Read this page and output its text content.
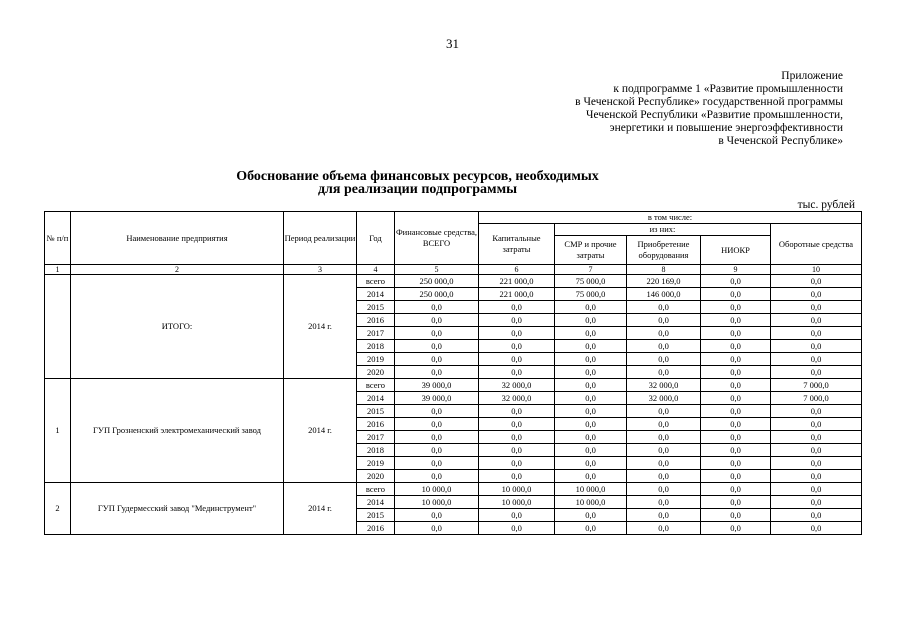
31
Приложение
к подпрограмме 1 «Развитие промышленности
в Чеченской Республике» государственной программы
Чеченской Республики «Развитие промышленности,
энергетики и повышение энергоэффективности
в Чеченской Республике»
Обоснование объема финансовых ресурсов, необходимых
для реализации подпрограммы
тыс. рублей
№ п/п	Наименование предприятия	Период реализации	Год	Финансовые средства, ВСЕГО	в том числе:				
					Капитальные затраты	из них:			Оборотные средства
						СМР и прочие затраты	Приобретение оборудования	НИОКР	
1	2	3	4	5	6	7	8	9	10
	ИТОГО:	2014 г.	всего	250 000,0	221 000,0	75 000,0	220 169,0	0,0	0,0
			2014	250 000,0	221 000,0	75 000,0	146 000,0	0,0	0,0
			2015	0,0	0,0	0,0	0,0	0,0	0,0
			2016	0,0	0,0	0,0	0,0	0,0	0,0
			2017	0,0	0,0	0,0	0,0	0,0	0,0
			2018	0,0	0,0	0,0	0,0	0,0	0,0
			2019	0,0	0,0	0,0	0,0	0,0	0,0
			2020	0,0	0,0	0,0	0,0	0,0	0,0
1	ГУП Грозненский электромеханический завод	2014 г.	всего	39 000,0	32 000,0	0,0	32 000,0	0,0	7 000,0
			2014	39 000,0	32 000,0	0,0	32 000,0	0,0	7 000,0
			2015	0,0	0,0	0,0	0,0	0,0	0,0
			2016	0,0	0,0	0,0	0,0	0,0	0,0
			2017	0,0	0,0	0,0	0,0	0,0	0,0
			2018	0,0	0,0	0,0	0,0	0,0	0,0
			2019	0,0	0,0	0,0	0,0	0,0	0,0
			2020	0,0	0,0	0,0	0,0	0,0	0,0
2	ГУП Гудермесский завод "Мединструмент"	2014 г.	всего	10 000,0	10 000,0	10 000,0	0,0	0,0	0,0
			2014	10 000,0	10 000,0	10 000,0	0,0	0,0	0,0
			2015	0,0	0,0	0,0	0,0	0,0	0,0
			2016	0,0	0,0	0,0	0,0	0,0	0,0
